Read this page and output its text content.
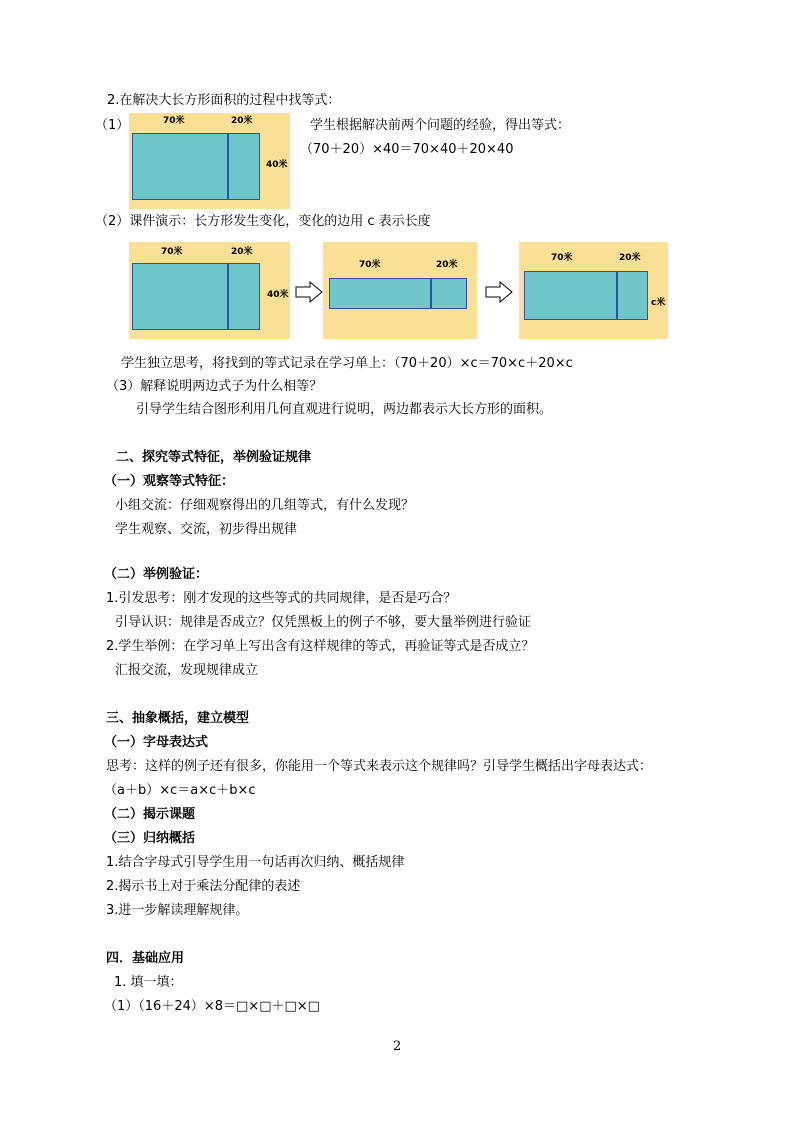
2.在解决大长方形面积的过程中找等式：
（1）	学生根据解决前两个问题的经验，得出等式：
（70＋20）×40＝70×40＋20×40
70米	20米
40米
（2）课件演示：长方形发生变化，变化的边用 c 表示长度
70米	20米
40米
70米	20米
70米	20米
c米
学生独立思考，将找到的等式记录在学习单上：（70＋20）×c＝70×c＋20×c
（3）解释说明两边式子为什么相等？
引导学生结合图形利用几何直观进行说明，两边都表示大长方形的面积。
二、探究等式特征，举例验证规律
（一）观察等式特征：
小组交流：仔细观察得出的几组等式，有什么发现？
学生观察、交流，初步得出规律
（二）举例验证：
1.引发思考：刚才发现的这些等式的共同规律，是否是巧合？
引导认识：规律是否成立？仅凭黑板上的例子不够，要大量举例进行验证
2.学生举例：在学习单上写出含有这样规律的等式，再验证等式是否成立？
汇报交流，发现规律成立
三、抽象概括，建立模型
（一）字母表达式
思考：这样的例子还有很多，你能用一个等式来表示这个规律吗？引导学生概括出字母表达式：
（a＋b）×c＝a×c＋b×c
（二）揭示课题
（三）归纳概括
1.结合字母式引导学生用一句话再次归纳、概括规律
2.揭示书上对于乘法分配律的表述
3.进一步解读理解规律。
四．基础应用
1. 填一填：
（1）（16＋24）×8＝□×□＋□×□
2
